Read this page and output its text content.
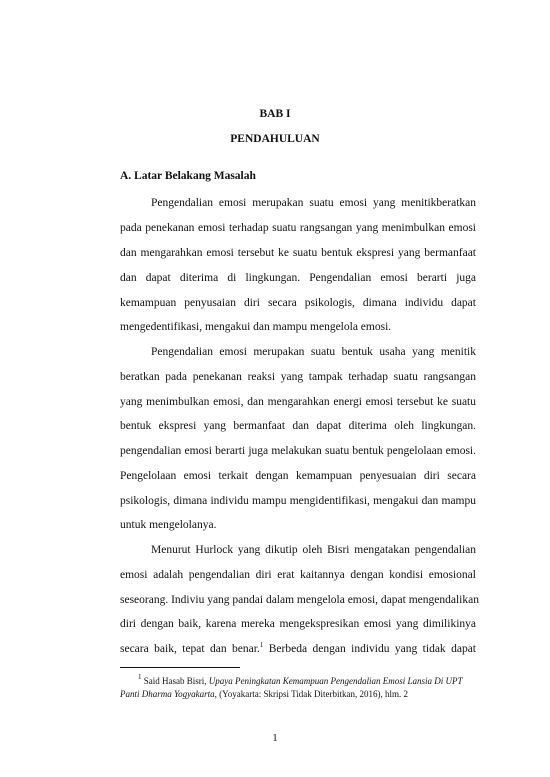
BAB I
PENDAHULUAN
A. Latar Belakang Masalah
Pengendalian emosi merupakan suatu emosi yang menitikberatkan
pada penekanan emosi terhadap suatu rangsangan yang menimbulkan emosi
dan mengarahkan emosi tersebut ke suatu bentuk ekspresi yang bermanfaat
dan dapat diterima di lingkungan. Pengendalian emosi berarti juga
kemampuan penyusaian diri secara psikologis, dimana individu dapat
mengedentifikasi, mengakui dan mampu mengelola emosi.
Pengendalian emosi merupakan suatu bentuk usaha yang menitik
beratkan pada penekanan reaksi yang tampak terhadap suatu rangsangan
yang menimbulkan emosi, dan mengarahkan energi emosi tersebut ke suatu
bentuk ekspresi yang bermanfaat dan dapat diterima oleh lingkungan.
pengendalian emosi berarti juga melakukan suatu bentuk pengelolaan emosi.
Pengelolaan emosi terkait dengan kemampuan penyesuaian diri secara
psikologis, dimana individu mampu mengidentifikasi, mengakui dan mampu
untuk mengelolanya.
Menurut Hurlock yang dikutip oleh Bisri mengatakan pengendalian
emosi adalah pengendalian diri erat kaitannya dengan kondisi emosional
seseorang. Indiviu yang pandai dalam mengelola emosi, dapat mengendalikan
diri dengan baik, karena mereka mengekspresikan emosi yang dimilikinya
secara baik, tepat dan benar.$^1$ Berbeda dengan individu yang tidak dapat
$^1$ Said Hasab Bisri, Upaya Peningkatan Kemampuan Pengendalian Emosi Lansia Di UPT
Panti Dharma Yogyakarta, (Yoyakarta: Skripsi Tidak Diterbitkan, 2016), hlm. 2
1
